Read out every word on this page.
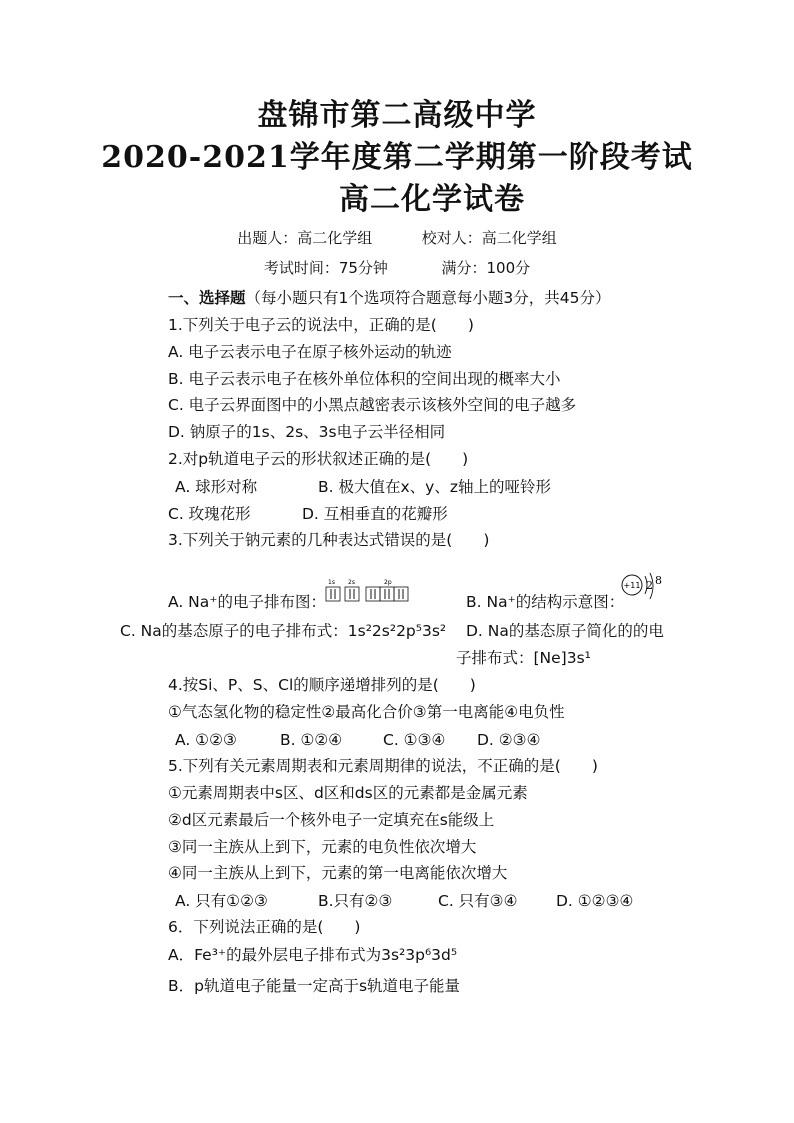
盘锦市第二高级中学
2020-2021学年度第二学期第一阶段考试
高二化学试卷
出题人：高二化学组	校对人：高二化学组
考试时间：75分钟	满分：100分
一、选择题（每小题只有1个选项符合题意每小题3分，共45分）
1.下列关于电子云的说法中，正确的是(　　)
A. 电子云表示电子在原子核外运动的轨迹
B. 电子云表示电子在核外单位体积的空间出现的概率大小
C. 电子云界面图中的小黑点越密表示该核外空间的电子越多
D. 钠原子的1s、2s、3s电子云半径相同
2.对p轨道电子云的形状叙述正确的是(　　)
A. 球形对称	B. 极大值在x、y、z轴上的哑铃形
C. 玫瑰花形	D. 互相垂直的花瓣形
3.下列关于钠元素的几种表达式错误的是(　　)
A. Na⁺的电子排布图：
1s 2s	2p
B. Na⁺的结构示意图：
+11 2 8
C. Na的基态原子的电子排布式：1s²2s²2p⁵3s² D. Na的基态原子简化的的电
子排布式：[Ne]3s¹
4.按Si、P、S、Cl的顺序递增排列的是(　　)
①气态氢化物的稳定性②最高化合价③第一电离能④电负性
A. ①②③	B. ①②④	C. ①③④ D. ②③④
5.下列有关元素周期表和元素周期律的说法，不正确的是(　　)
①元素周期表中s区、d区和ds区的元素都是金属元素
②d区元素最后一个核外电子一定填充在s能级上
③同一主族从上到下，元素的电负性依次增大
④同一主族从上到下，元素的第一电离能依次增大
A. 只有①②③	B.只有②③	C. 只有③④ D. ①②③④
6．下列说法正确的是(　　)
A．Fe³⁺的最外层电子排布式为3s²3p⁶3d⁵
B．p轨道电子能量一定高于s轨道电子能量
